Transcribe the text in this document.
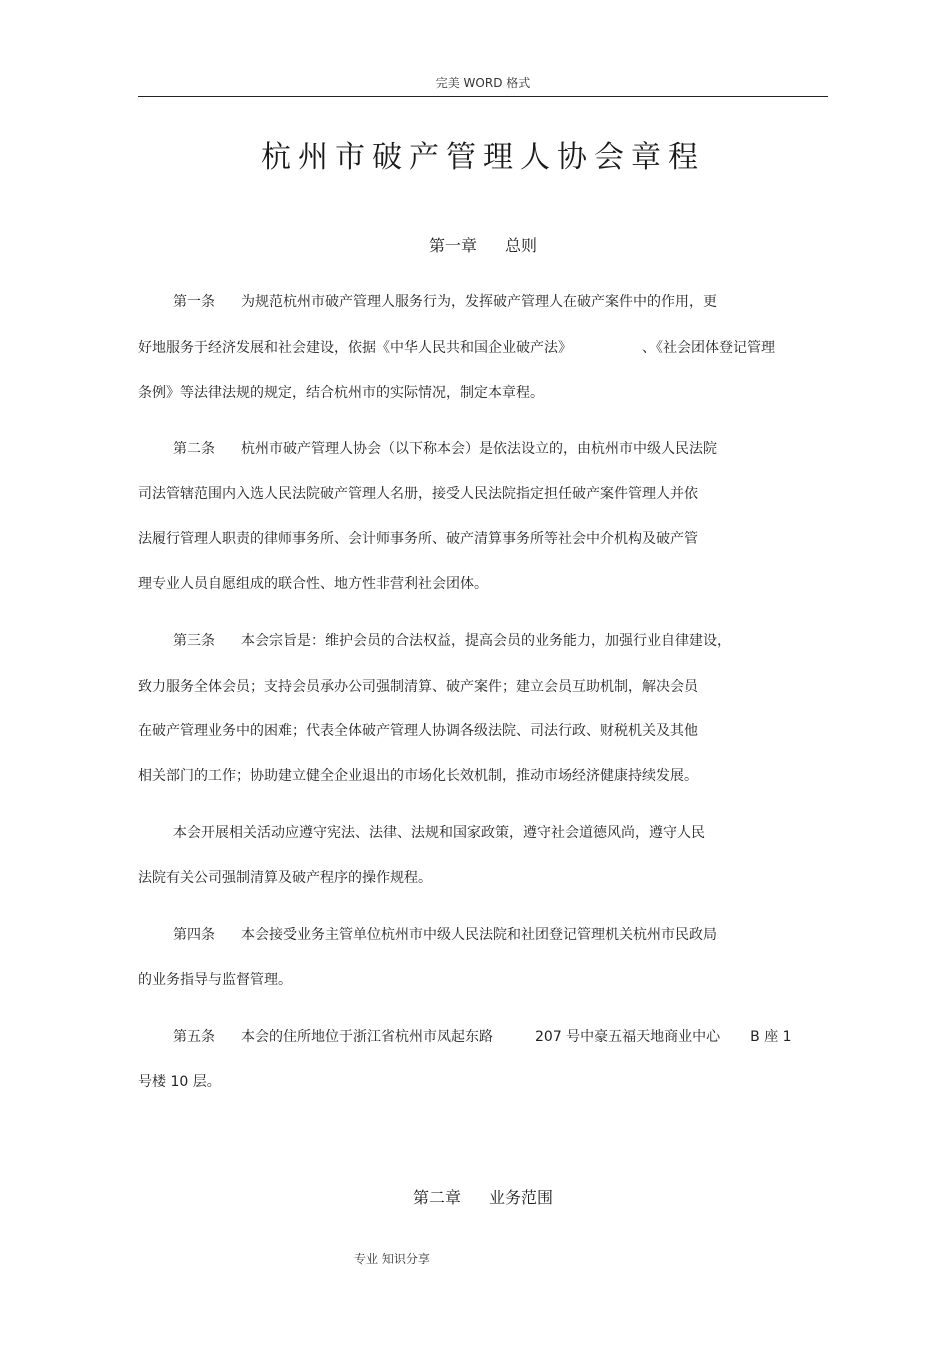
完美 WORD 格式
杭州市破产管理人协会章程
第一章 总则
第一条 为规范杭州市破产管理人服务行为，发挥破产管理人在破产案件中的作用，更
好地服务于经济发展和社会建设，依据《中华人民共和国企业破产法》	、《社会团体登记管理
条例》等法律法规的规定，结合杭州市的实际情况，制定本章程。
第二条 杭州市破产管理人协会（以下称本会）是依法设立的，由杭州市中级人民法院
司法管辖范围内入选人民法院破产管理人名册，接受人民法院指定担任破产案件管理人并依
法履行管理人职责的律师事务所、会计师事务所、破产清算事务所等社会中介机构及破产管
理专业人员自愿组成的联合性、地方性非营利社会团体。
第三条 本会宗旨是：维护会员的合法权益，提高会员的业务能力，加强行业自律建设，
致力服务全体会员；支持会员承办公司强制清算、破产案件；建立会员互助机制，解决会员
在破产管理业务中的困难；代表全体破产管理人协调各级法院、司法行政、财税机关及其他
相关部门的工作；协助建立健全企业退出的市场化长效机制，推动市场经济健康持续发展。
本会开展相关活动应遵守宪法、法律、法规和国家政策，遵守社会道德风尚，遵守人民
法院有关公司强制清算及破产程序的操作规程。
第四条 本会接受业务主管单位杭州市中级人民法院和社团登记管理机关杭州市民政局
的业务指导与监督管理。
第五条 本会的住所地位于浙江省杭州市凤起东路	207 号中豪五福天地商业中心 B 座 1
号楼 10 层。
第二章 业务范围
专业 知识分享
